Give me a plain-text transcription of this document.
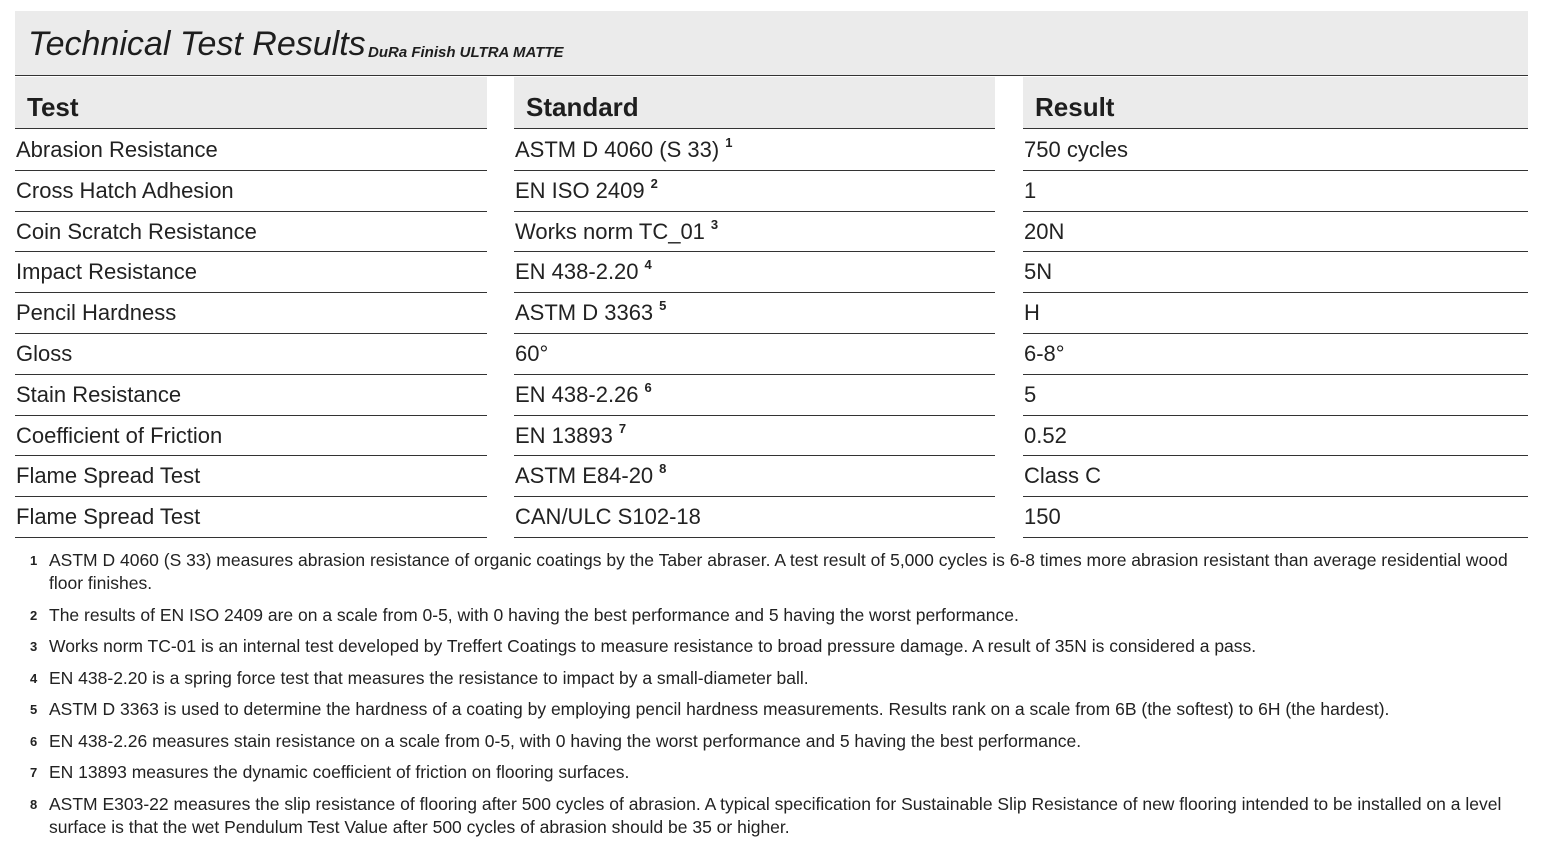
Technical Test Results DuRa Finish ULTRA MATTE
Test	Standard	Result
Abrasion Resistance	ASTM D 4060 (S 33) $^1$	750 cycles
Cross Hatch Adhesion	EN ISO 2409 $^2$	1
Coin Scratch Resistance	Works norm TC_01 $^3$	20N
Impact Resistance	EN 438-2.20 $^4$	5N
Pencil Hardness	ASTM D 3363 $^5$	H
Gloss	60°	6-8°
Stain Resistance	EN 438-2.26 $^6$	5
Coefficient of Friction	EN 13893 $^7$	0.52
Flame Spread Test	ASTM E84-20 $^8$	Class C
Flame Spread Test	CAN/ULC S102-18	150
1 ASTM D 4060 (S 33) measures abrasion resistance of organic coatings by the Taber abraser. A test result of 5,000 cycles is 6-8 times more abrasion resistant than average residential wood floor finishes.
2 The results of EN ISO 2409 are on a scale from 0-5, with 0 having the best performance and 5 having the worst performance.
3 Works norm TC-01 is an internal test developed by Treffert Coatings to measure resistance to broad pressure damage. A result of 35N is considered a pass.
4 EN 438-2.20 is a spring force test that measures the resistance to impact by a small-diameter ball.
5 ASTM D 3363 is used to determine the hardness of a coating by employing pencil hardness measurements. Results rank on a scale from 6B (the softest) to 6H (the hardest).
6 EN 438-2.26 measures stain resistance on a scale from 0-5, with 0 having the worst performance and 5 having the best performance.
7 EN 13893 measures the dynamic coefficient of friction on flooring surfaces.
8 ASTM E303-22 measures the slip resistance of flooring after 500 cycles of abrasion. A typical specification for Sustainable Slip Resistance of new flooring intended to be installed on a level surface is that the wet Pendulum Test Value after 500 cycles of abrasion should be 35 or higher.
